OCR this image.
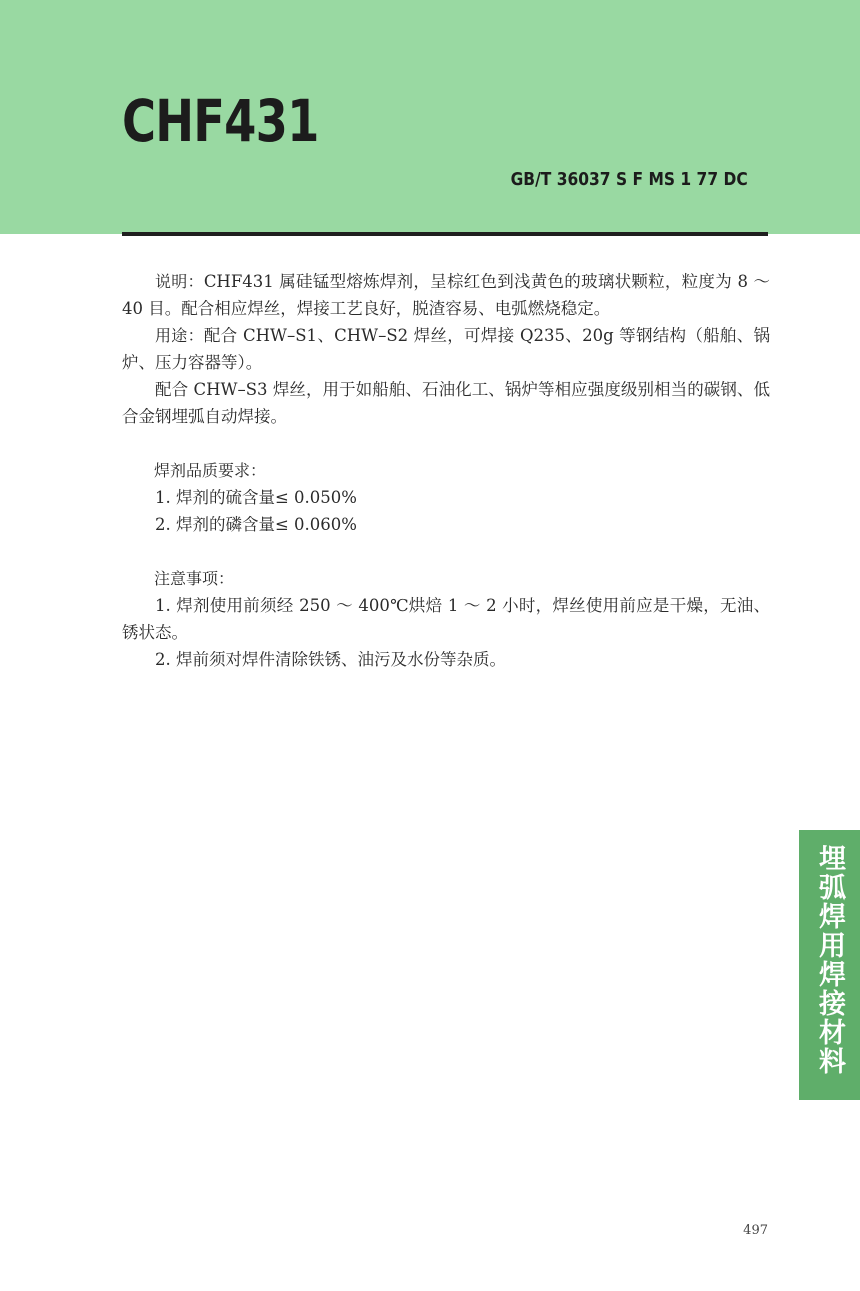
CHF431
GB/T 36037 S F MS 1 77 DC

说明：CHF431 属硅锰型熔炼焊剂，呈棕红色到浅黄色的玻璃状颗粒，粒度为 8 ～ 40 目。配合相应焊丝，焊接工艺良好，脱渣容易、电弧燃烧稳定。

用途：配合 CHW–S1、CHW–S2 焊丝，可焊接 Q235、20g 等钢结构（船舶、锅炉、压力容器等）。

配合 CHW–S3 焊丝，用于如船舶、石油化工、锅炉等相应强度级别相当的碳钢、低合金钢埋弧自动焊接。

焊剂品质要求：

1. 焊剂的硫含量≤ 0.050%

2. 焊剂的磷含量≤ 0.060%

注意事项：

1. 焊剂使用前须经 250 ～ 400℃烘焙 1 ～ 2 小时，焊丝使用前应是干燥，无油、锈状态。

2. 焊前须对焊件清除铁锈、油污及水份等杂质。

埋弧焊用焊接材料
497
